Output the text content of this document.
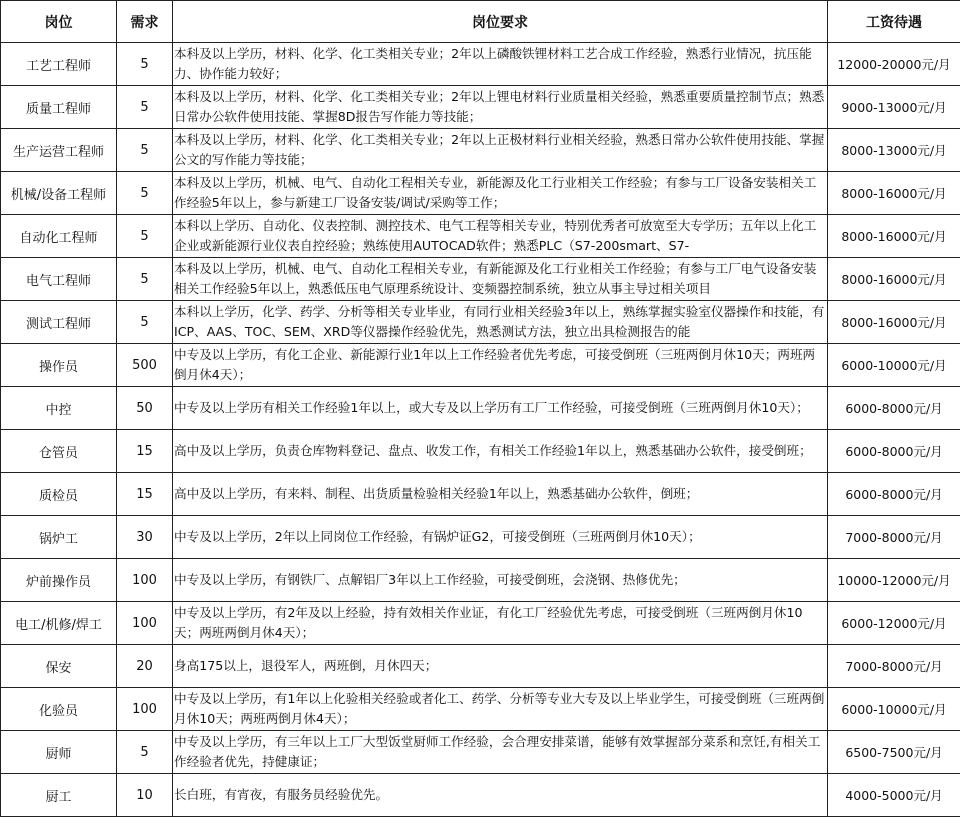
岗位	需求	岗位要求	工资待遇
工艺工程师	5	本科及以上学历，材料、化学、化工类相关专业；2年以上磷酸铁锂材料工艺合成工作经验，熟悉行业情况，抗压能力、协作能力较好；	12000-20000元/月
质量工程师	5	本科及以上学历，材料、化学、化工类相关专业；2年以上锂电材料行业质量相关经验，熟悉重要质量控制节点；熟悉日常办公软件使用技能、掌握8D报告写作能力等技能；	9000-13000元/月
生产运营工程师	5	本科及以上学历，材料、化学、化工类相关专业；2年以上正极材料行业相关经验，熟悉日常办公软件使用技能、掌握公文的写作能力等技能；	8000-13000元/月
机械/设备工程师	5	本科及以上学历，机械、电气、自动化工程相关专业，新能源及化工行业相关工作经验；有参与工厂设备安装相关工作经验5年以上，参与新建工厂设备安装/调试/采购等工作；	8000-16000元/月
自动化工程师	5	本科以上学历、自动化、仪表控制、测控技术、电气工程等相关专业，特别优秀者可放宽至大专学历；五年以上化工企业或新能源行业仪表自控经验；熟练使用AUTOCAD软件；熟悉PLC（S7-200smart、S7-	8000-16000元/月
电气工程师	5	本科及以上学历，机械、电气、自动化工程相关专业，有新能源及化工行业相关工作经验；有参与工厂电气设备安装相关工作经验5年以上，熟悉低压电气原理系统设计、变频器控制系统，独立从事主导过相关项目	8000-16000元/月
测试工程师	5	本科以上学历，化学、药学、分析等相关专业毕业，有同行业相关经验3年以上，熟练掌握实验室仪器操作和技能，有ICP、AAS、TOC、SEM、XRD等仪器操作经验优先，熟悉测试方法，独立出具检测报告的能	8000-16000元/月
操作员	500	中专及以上学历，有化工企业、新能源行业1年以上工作经验者优先考虑，可接受倒班（三班两倒月休10天；两班两倒月休4天）；	6000-10000元/月
中控	50	中专及以上学历有相关工作经验1年以上，或大专及以上学历有工厂工作经验，可接受倒班（三班两倒月休10天）；	6000-8000元/月
仓管员	15	高中及以上学历，负责仓库物料登记、盘点、收发工作，有相关工作经验1年以上，熟悉基础办公软件，接受倒班；	6000-8000元/月
质检员	15	高中及以上学历，有来料、制程、出货质量检验相关经验1年以上，熟悉基础办公软件，倒班；	6000-8000元/月
锅炉工	30	中专及以上学历，2年以上同岗位工作经验，有锅炉证G2，可接受倒班（三班两倒月休10天）；	7000-8000元/月
炉前操作员	100	中专及以上学历，有钢铁厂、点解铝厂3年以上工作经验，可接受倒班，会浇钢、热修优先；	10000-12000元/月
电工/机修/焊工	100	中专及以上学历，有2年及以上经验，持有效相关作业证，有化工厂经验优先考虑，可接受倒班（三班两倒月休10天；两班两倒月休4天）；	6000-12000元/月
保安	20	身高175以上，退役军人，两班倒，月休四天；	7000-8000元/月
化验员	100	中专及以上学历，有1年以上化验相关经验或者化工、药学、分析等专业大专及以上毕业学生，可接受倒班（三班两倒月休10天；两班两倒月休4天）；	6000-10000元/月
厨师	5	中专及以上学历，有三年以上工厂大型饭堂厨师工作经验，会合理安排菜谱，能够有效掌握部分菜系和烹饪,有相关工作经验者优先，持健康证；	6500-7500元/月
厨工	10	长白班，有宵夜，有服务员经验优先。	4000-5000元/月
